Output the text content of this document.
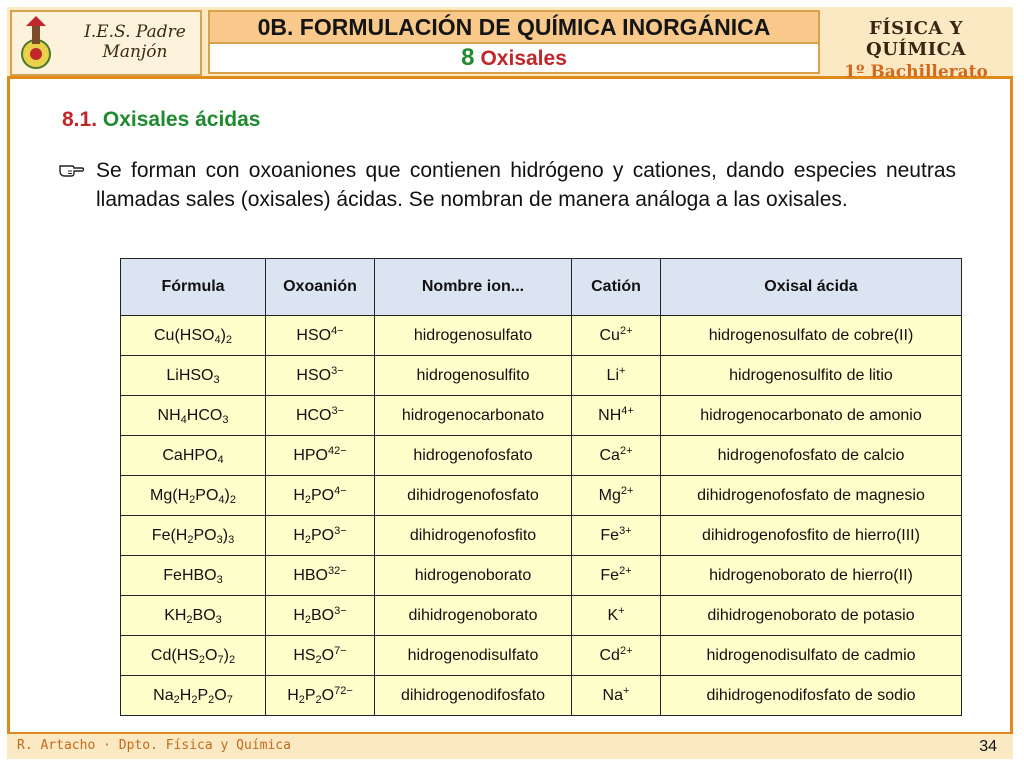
I.E.S. Padre
Manjón
0B. FORMULACIÓN DE QUÍMICA INORGÁNICA
8 Oxisales
FÍSICA Y QUÍMICA
1º Bachillerato
8.1. Oxisales ácidas
Se forman con oxoaniones que contienen hidrógeno y cationes, dando especies neutras llamadas sales (oxisales) ácidas. Se nombran de manera análoga a las oxisales.
Fórmula	Oxoanión	Nombre ion...	Catión	Oxisal ácida
$Cu(HSO_4)_2$	$HSO^{4-}$	hidrogenosulfato	$Cu^{2+}$	hidrogenosulfato de cobre(II)
LiHSO$_3$	$HSO^{3-}$	hidrogenosulfito	Li+	hidrogenosulfito de litio
$NH_4HCO_3$	$HCO^{3-}$	hidrogenocarbonato	$NH^{4+}$	hidrogenocarbonato de amonio
CaHPO$_4$	$HPO^{42-}$	hidrogenofosfato	$Ca^{2+}$	hidrogenofosfato de calcio
$Mg(H_2PO_4)_2$	$H_2PO^{4-}$	dihidrogenofosfato	$Mg^{2+}$	dihidrogenofosfato de magnesio
$Fe(H_2PO_3)_3$	$H_2PO^{3-}$	dihidrogenofosfito	$Fe^{3+}$	dihidrogenofosfito de hierro(III)
FeHBO$_3$	$HBO^{32-}$	hidrogenoborato	$Fe^{2+}$	hidrogenoborato de hierro(II)
$KH_2BO_3$	$H_2BO^{3-}$	dihidrogenoborato	K+	dihidrogenoborato de potasio
$Cd(HS_2O_7)_2$	$HS_2O^{7-}$	hidrogenodisulfato	$Cd^{2+}$	hidrogenodisulfato de cadmio
$Na_2H_2P_2O_7$	$H_2P_2O^{72-}$	dihidrogenodifosfato	Na+	dihidrogenodifosfato de sodio
R. Artacho · Dpto. Física y Química	34
